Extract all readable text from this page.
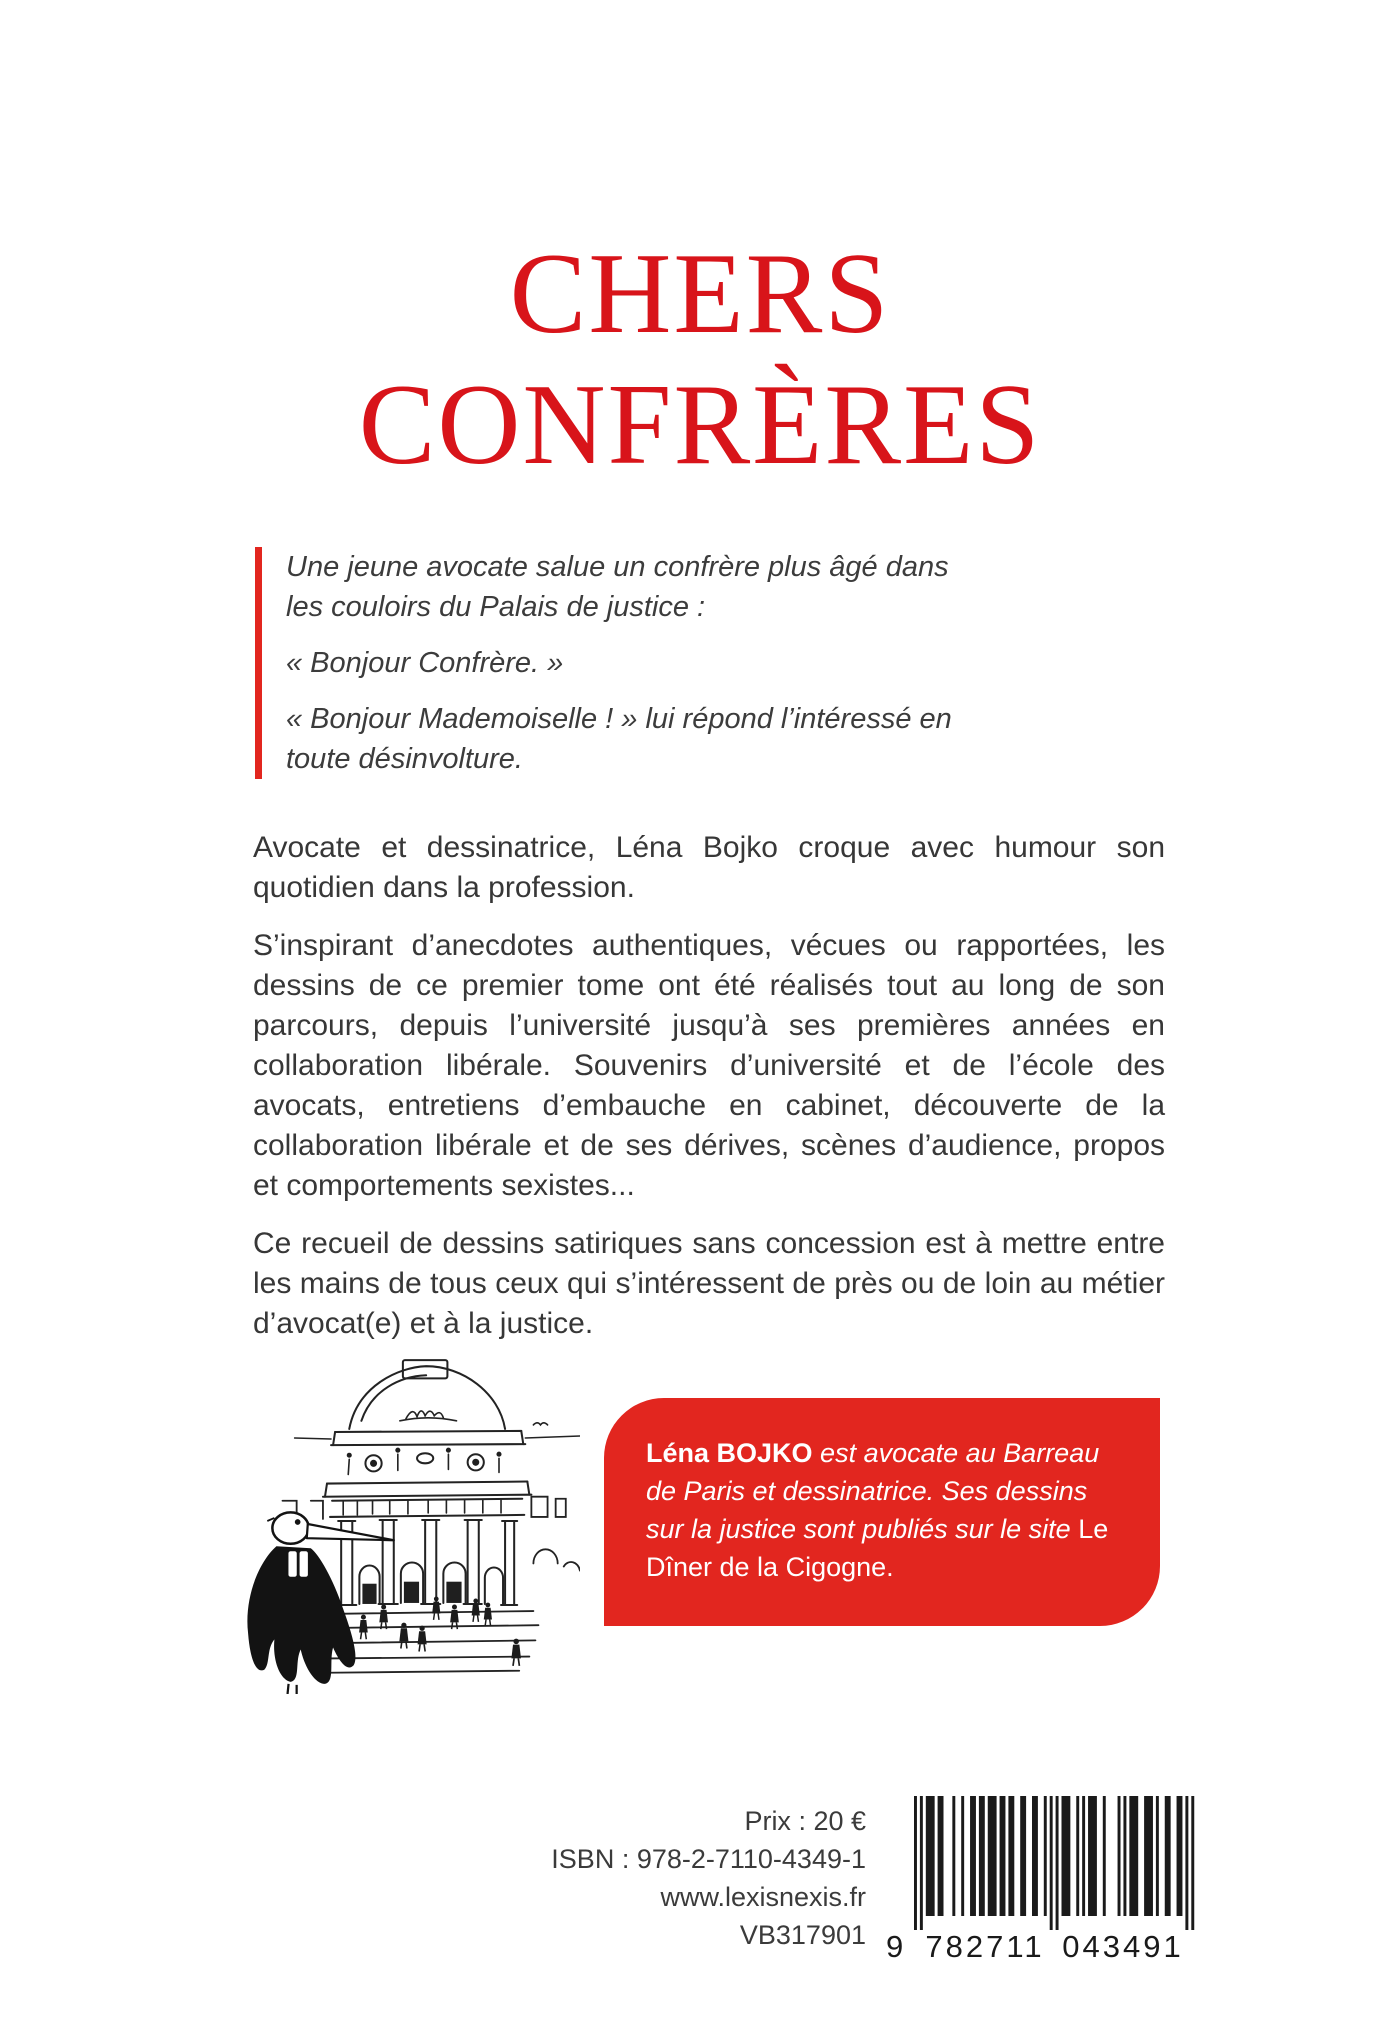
CHERS
CONFRÈRES

Une jeune avocate salue un confrère plus âgé dans les couloirs du Palais de justice :

« Bonjour Confrère. »

« Bonjour Mademoiselle ! » lui répond l’intéressé en toute désinvolture.

Avocate et dessinatrice, Léna Bojko croque avec humour son quotidien dans la profession.

S’inspirant d’anecdotes authentiques, vécues ou rapportées, les dessins de ce premier tome ont été réalisés tout au long de son parcours, depuis l’université jusqu’à ses premières années en collaboration libérale. Souvenirs d’université et de l’école des avocats, entretiens d’embauche en cabinet, découverte de la collaboration libérale et de ses dérives, scènes d’audience, propos et comportements sexistes...

Ce recueil de dessins satiriques sans concession est à mettre entre les mains de tous ceux qui s’intéressent de près ou de loin au métier d’avocat(e) et à la justice.

Léna BOJKO est avocate au Barreau de Paris et dessinatrice. Ses dessins sur la justice sont publiés sur le site Le Dîner de la Cigogne.
Prix : 20 €
ISBN : 978-2-7110-4349-1
www.lexisnexis.fr
VB317901 9 782711 043491
